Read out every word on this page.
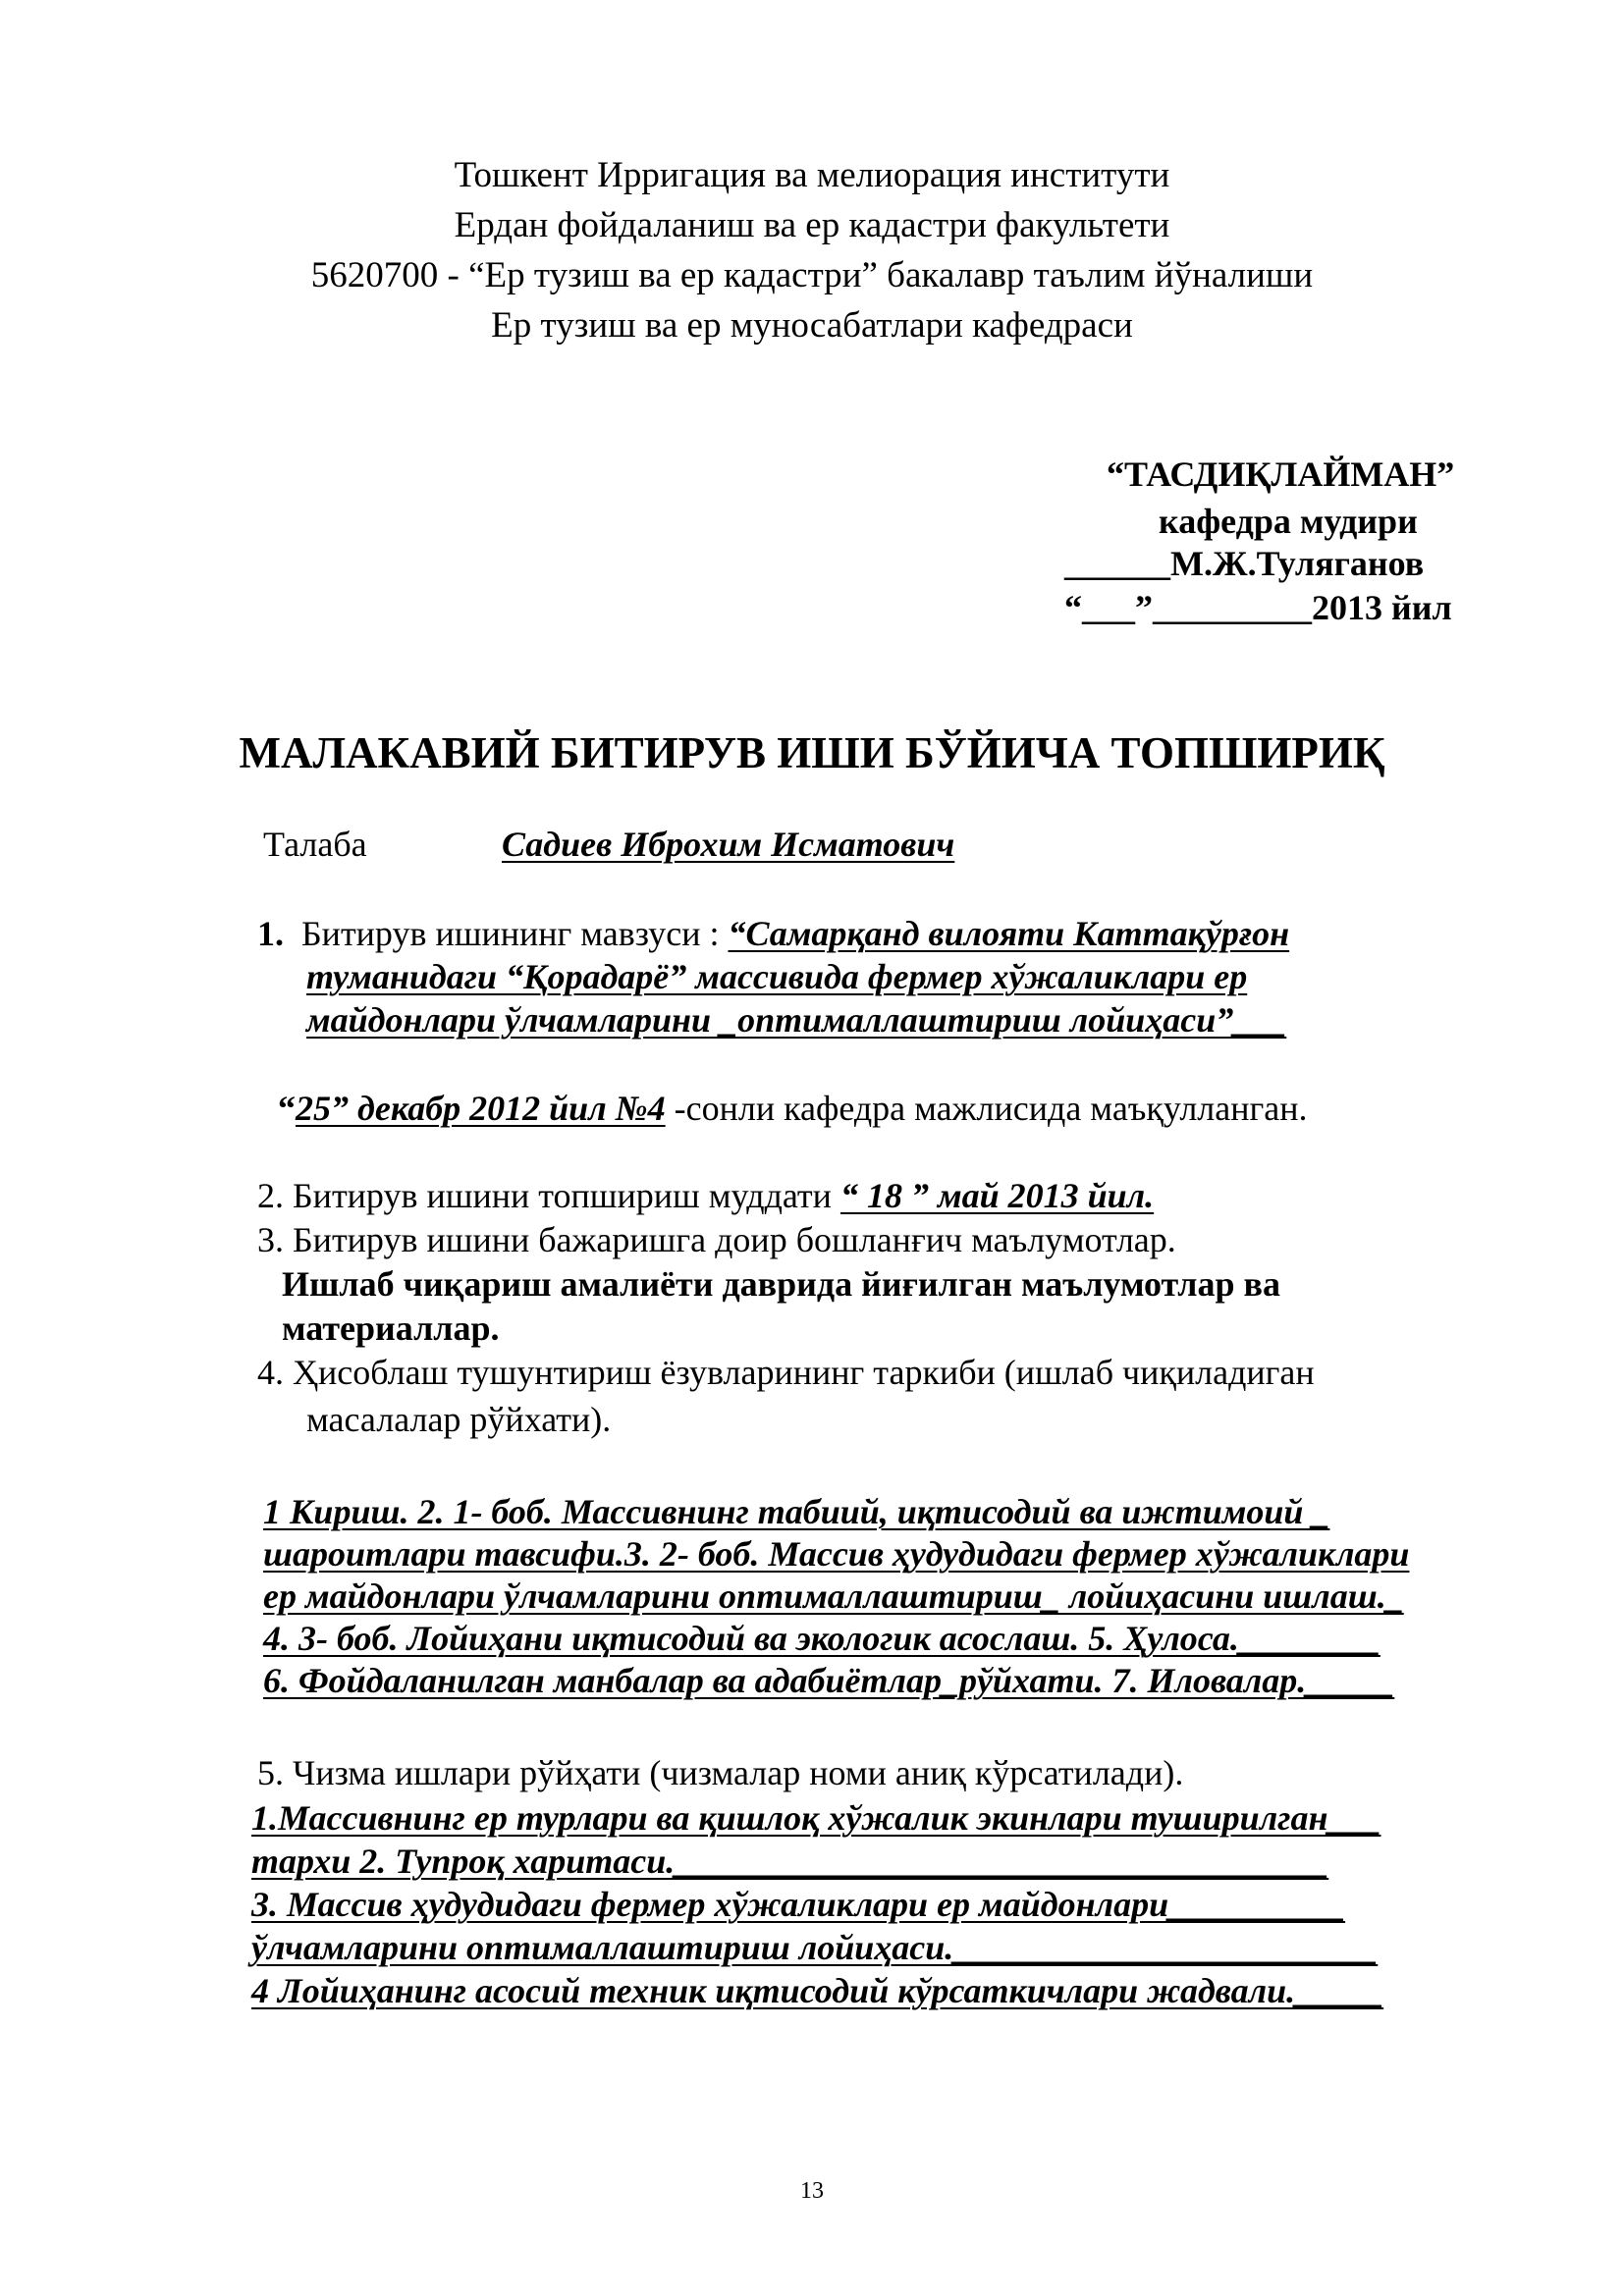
Тошкент Ирригация ва мелиорация институти
Ердан фойдаланиш ва ер кадастри факультети
5620700 - “Ер тузиш ва ер кадастри” бакалавр таълим йўналиши
Ер тузиш ва ер муносабатлари кафедраси
“ТАСДИҚЛАЙМАН”
кафедра мудири
______М.Ж.Туляганов
“___”_________2013 йил
МАЛАКАВИЙ БИТИРУВ ИШИ БЎЙИЧА ТОПШИРИҚ
Талаба	Садиев Иброхим Исматович
1. Битирув ишининг мавзуси : “Самарқанд вилояти Каттақўрғон
туманидаги “Қорадарё” массивида фермер хўжаликлари ер
майдонлари ўлчамларини _оптималлаштириш лойиҳаси”___
“25” декабр 2012 йил №4 -сонли кафедра мажлисида маъқулланган.
2. Битирув ишини топшириш муддати “ 18 ” май 2013 йил.
3. Битирув ишини бажаришга доир бошланғич маълумотлар.
Ишлаб чиқариш амалиёти даврида йиғилган маълумотлар ва
материаллар.
4. Ҳисоблаш тушунтириш ёзувларининг таркиби (ишлаб чиқиладиган
масалалар рўйхати).
1 Кириш. 2. 1- боб. Массивнинг табиий, иқтисодий ва ижтимоий _
шароитлари тавсифи.3. 2- боб. Массив ҳудудидаги фермер хўжаликлари
ер майдонлари ўлчамларини оптималлаштириш_ лойиҳасини ишлаш._
4. 3- боб. Лойиҳани иқтисодий ва экологик асослаш. 5. Ҳулоса.________
6. Фойдаланилган манбалар ва адабиётлар_рўйхати. 7. Иловалар._____
5. Чизма ишлари рўйҳати (чизмалар номи аниқ кўрсатилади).
1.Массивнинг ер турлари ва қишлоқ хўжалик экинлари туширилган___
тархи 2. Тупроқ харитаси._____________________________________
3. Массив ҳудудидаги фермер хўжаликлари ер майдонлари__________
ўлчамларини оптималлаштириш лойиҳаси.________________________
4 Лойиҳанинг асосий техник иқтисодий кўрсаткичлари жадвали._____
13
